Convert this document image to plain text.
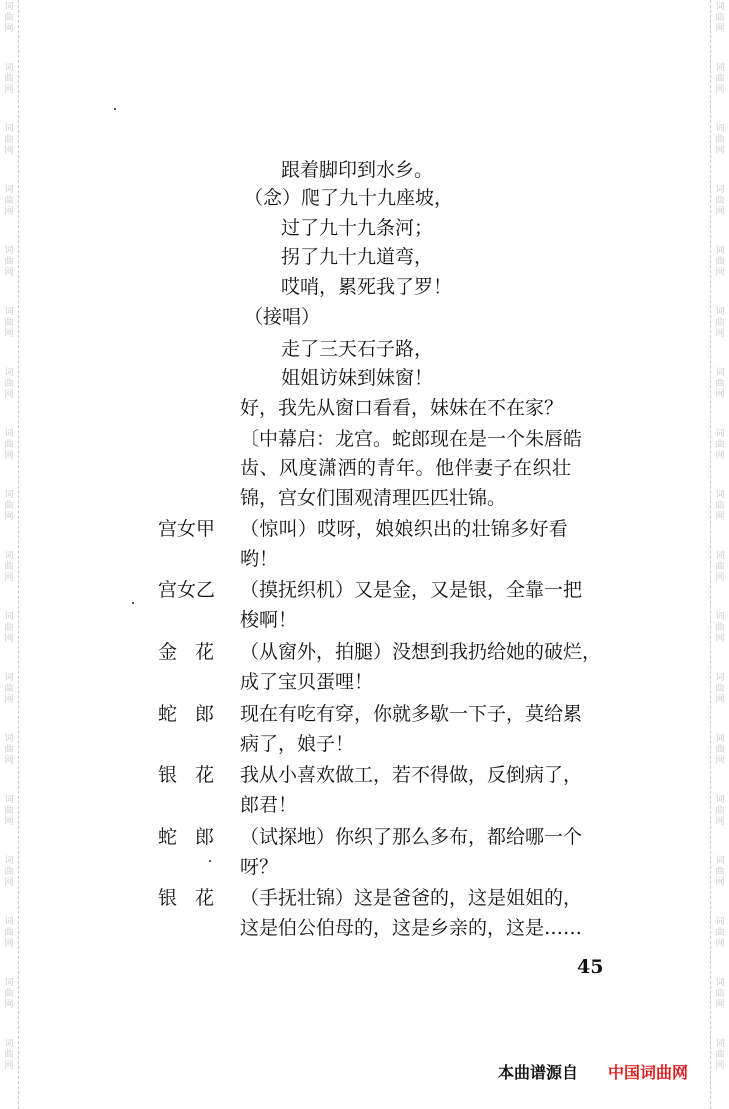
词
曲
网
词
曲
网
词
曲
网
词
曲
网
词
曲
网
词
曲
网
词
曲
网
词
曲
网
词
曲
网
词
曲
网
词
曲
网
词
曲
网
词
曲
网
词
曲
网
词
曲
网
词
曲
网
词
曲
网
词
曲
网
词
曲
网
词
曲
网
词
曲
网
词
曲
网
词
曲
网
词
曲
网
词
曲
网
词
曲
网
词
曲
网
词
曲
网
词
曲
网
词
曲
网
词
曲
网
词
曲
网
词
曲
网
词
曲
网
词
曲
网
词
曲
网
跟着脚印到水乡。
（念）爬了九十九座坡，
过了九十九条河；
拐了九十九道弯，
哎哨，累死我了罗！
（接唱）
走了三天石子路，
姐姐访妹到妹窗！
好，我先从窗口看看，妹妹在不在家？
〔中幕启：龙宫。蛇郎现在是一个朱唇皓
齿、风度潇洒的青年。他伴妻子在织壮
锦，宫女们围观清理匹匹壮锦。
宫女甲 （惊叫）哎呀，娘娘织出的壮锦多好看
哟！
宫女乙 （摸抚织机）又是金，又是银，全靠一把
梭啊！
金花 （从窗外，拍腿）没想到我扔给她的破烂，
成了宝贝蛋哩！
蛇郎 现在有吃有穿，你就多歇一下子，莫给累
病了，娘子！
银花 我从小喜欢做工，若不得做，反倒病了，
郎君！
蛇郎 （试探地）你织了那么多布，都给哪一个
呀？
银花 （手抚壮锦）这是爸爸的，这是姐姐的，
这是伯公伯母的，这是乡亲的，这是……
45
本曲谱源自 中国词曲网
